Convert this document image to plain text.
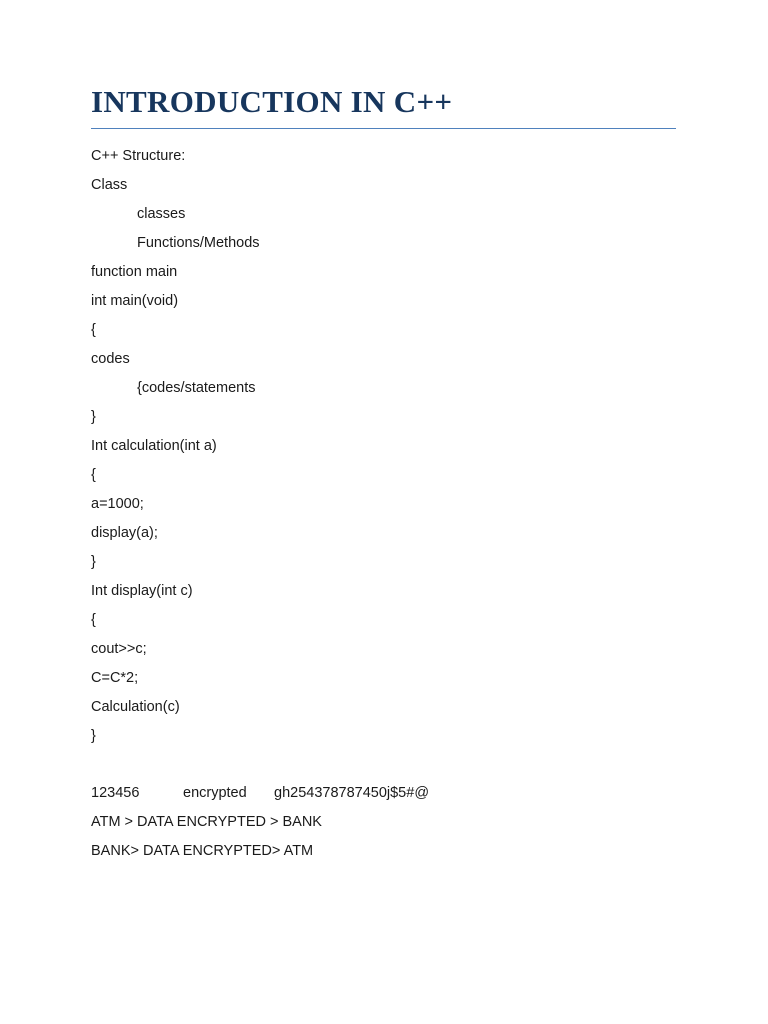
INTRODUCTION IN C++
C++ Structure:
Class
classes
Functions/Methods
function main
int main(void)
{
codes
{codes/statements
}
Int calculation(int a)
{
a=1000;
display(a);
}
Int display(int c)
{
cout>>c;
C=C*2;
Calculation(c)
}
123456	encrypted gh254378787450j$5#@
ATM > DATA ENCRYPTED > BANK
BANK> DATA ENCRYPTED> ATM
